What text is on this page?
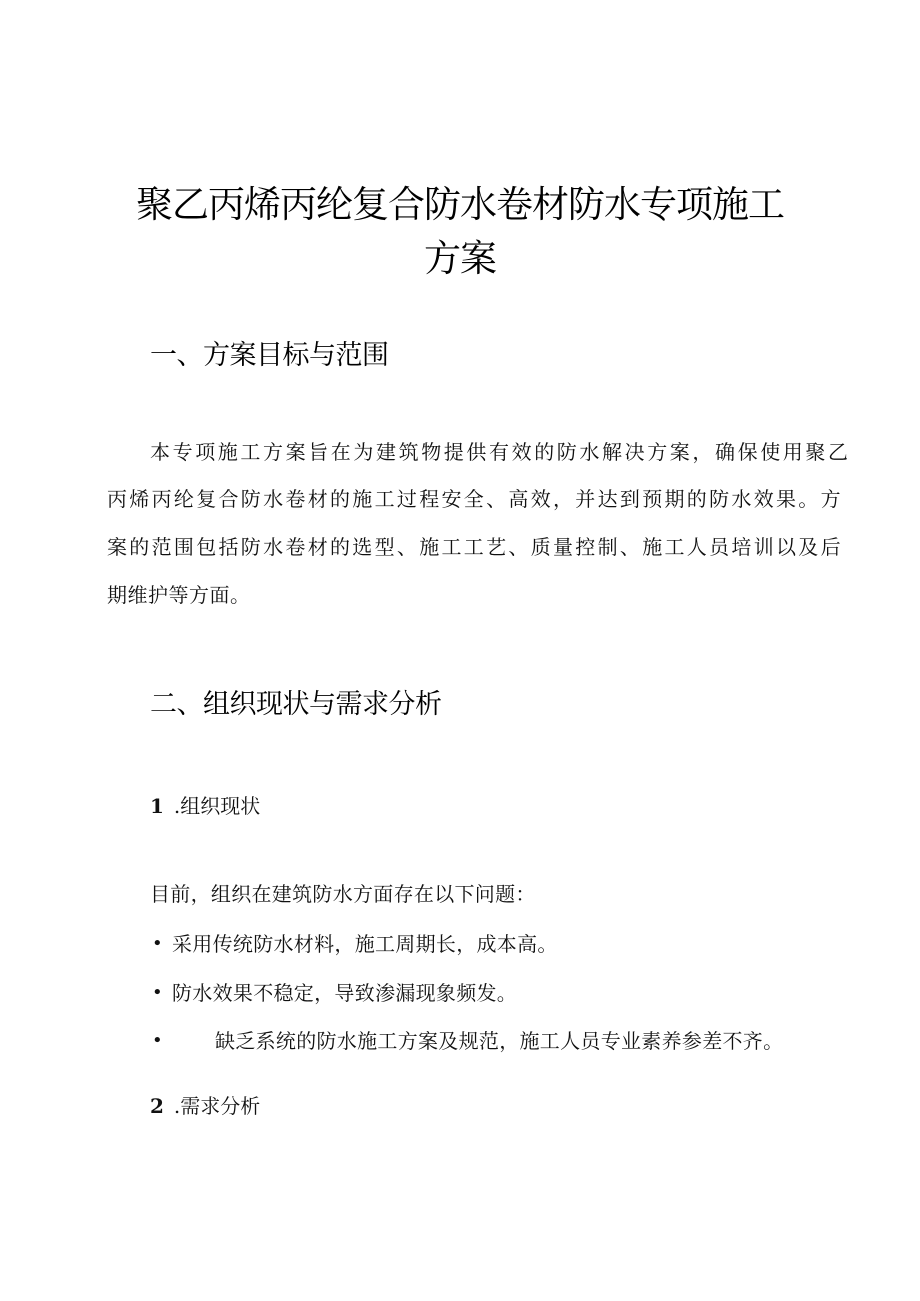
聚乙丙烯丙纶复合防水卷材防水专项施工
方案
一、方案目标与范围
本专项施工方案旨在为建筑物提供有效的防水解决方案，确保使用聚乙
丙烯丙纶复合防水卷材的施工过程安全、高效，并达到预期的防水效果。方
案的范围包括防水卷材的选型、施工工艺、质量控制、施工人员培训以及后
期维护等方面。
二、组织现状与需求分析
1 .组织现状
目前，组织在建筑防水方面存在以下问题：
• 采用传统防水材料，施工周期长，成本高。
• 防水效果不稳定，导致渗漏现象频发。
•	缺乏系统的防水施工方案及规范，施工人员专业素养参差不齐。
2 .需求分析
